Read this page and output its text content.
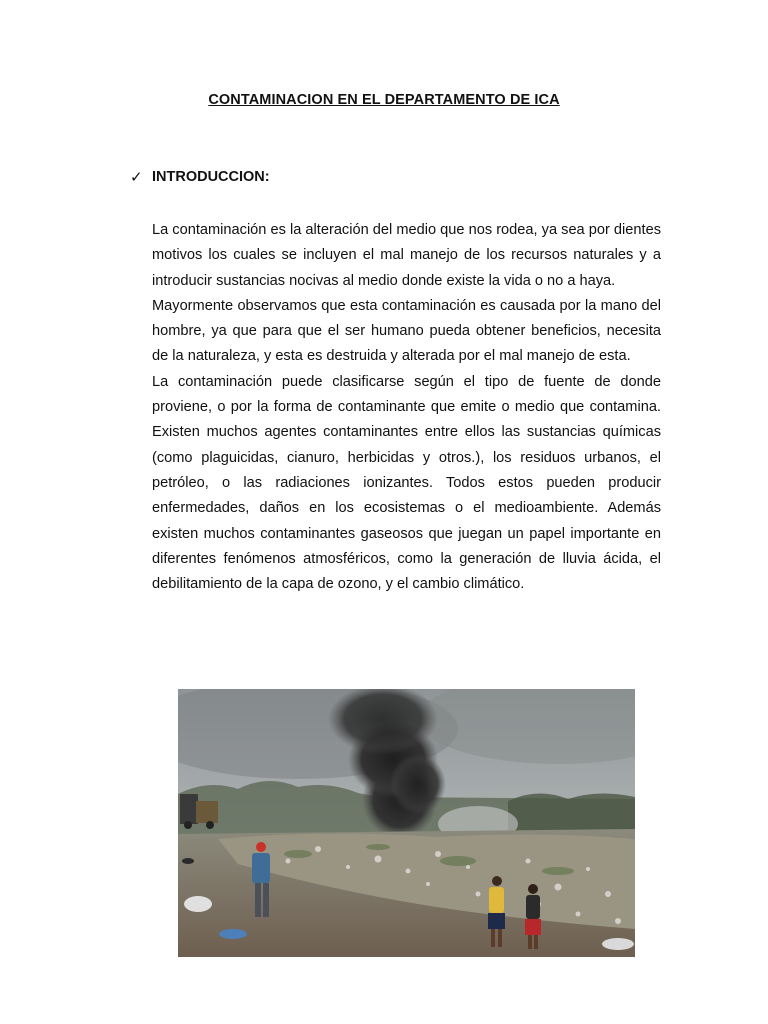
CONTAMINACION EN EL DEPARTAMENTO DE ICA
✓ INTRODUCCION:

La contaminación es la alteración del medio que nos rodea, ya sea por dientes motivos los cuales se incluyen el mal manejo de los recursos naturales y a introducir sustancias nocivas al medio donde existe la vida o no a haya.

Mayormente observamos que esta contaminación es causada por la mano del hombre, ya que para que el ser humano pueda obtener beneficios, necesita de la naturaleza, y esta es destruida y alterada por el mal manejo de esta.

La contaminación puede clasificarse según el tipo de fuente de donde proviene, o por la forma de contaminante que emite o medio que contamina. Existen muchos agentes contaminantes entre ellos las sustancias químicas (como plaguicidas, cianuro, herbicidas y otros.), los residuos urbanos, el petróleo, o las radiaciones ionizantes. Todos estos pueden producir enfermedades, daños en los ecosistemas o el medioambiente. Además existen muchos contaminantes gaseosos que juegan un papel importante en diferentes fenómenos atmosféricos, como la generación de lluvia ácida, el debilitamiento de la capa de ozono, y el cambio climático.
